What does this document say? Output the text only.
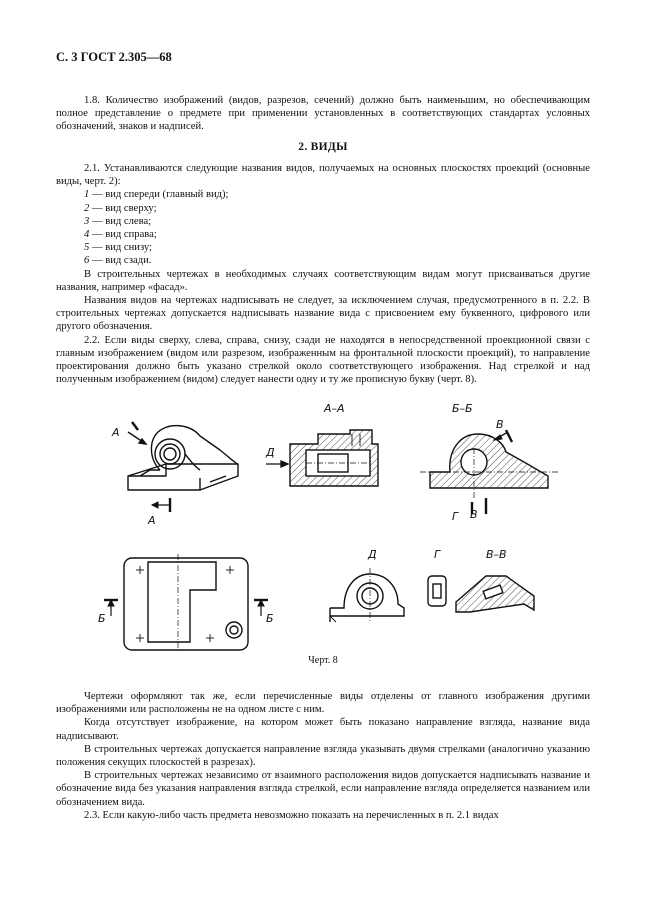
С. 3 ГОСТ 2.305—68

1.8. Количество изображений (видов, разрезов, сечений) должно быть наименьшим, но обеспечивающим полное представление о предмете при применении установленных в соответствующих стандартах условных обозначений, знаков и надписей.

2. ВИДЫ

2.1. Устанавливаются следующие названия видов, получаемых на основных плоскостях проекций (основные виды, черт. 2):

1 — вид спереди (главный вид);

2 — вид сверху;

3 — вид слева;

4 — вид справа;

5 — вид снизу;

6 — вид сзади.

В строительных чертежах в необходимых случаях соответствующим видам могут присваиваться другие названия, например «фасад».

Названия видов на чертежах надписывать не следует, за исключением случая, предусмотренного в п. 2.2. В строительных чертежах допускается надписывать название вида с присвоением ему буквенного, цифрового или другого обозначения.

2.2. Если виды сверху, слева, справа, снизу, сзади не находятся в непосредственной проекционной связи с главным изображением (видом или разрезом, изображенным на фронтальной плоскости проекций), то направление проектирования должно быть указано стрелкой около соответствующего изображения. Над стрелкой и над полученным изображением (видом) следует нанести одну и ту же прописную букву (черт. 8).

А
А
А–А
Д
Б–Б
В
Г В
Б	Б
Д	Г	В–В
Черт. 8

Чертежи оформляют так же, если перечисленные виды отделены от главного изображения другими изображениями или расположены не на одном листе с ним.

Когда отсутствует изображение, на котором может быть показано направление взгляда, название вида надписывают.

В строительных чертежах допускается направление взгляда указывать двумя стрелками (аналогично указанию положения секущих плоскостей в разрезах).

В строительных чертежах независимо от взаимного расположения видов допускается надписывать название и обозначение вида без указания направления взгляда стрелкой, если направление взгляда определяется названием или обозначением вида.

2.3. Если какую-либо часть предмета невозможно показать на перечисленных в п. 2.1 видах
